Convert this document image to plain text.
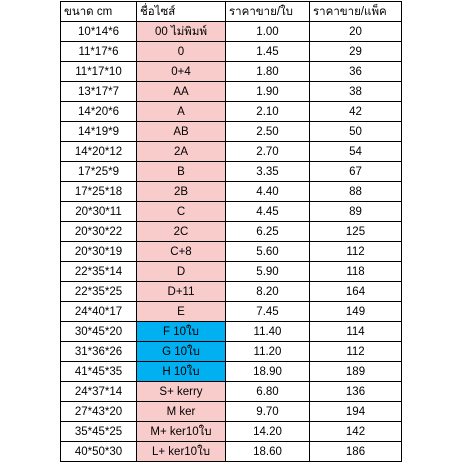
ขนาด cm	ชื่อไซส์	ราคาขาย/ใบ	ราคาขาย/แพ็ค
10*14*6	00 ไม่พิมพ์	1.00	20
11*17*6	0	1.45	29
11*17*10	0+4	1.80	36
13*17*7	AA	1.90	38
14*20*6	A	2.10	42
14*19*9	AB	2.50	50
14*20*12	2A	2.70	54
17*25*9	B	3.35	67
17*25*18	2B	4.40	88
20*30*11	C	4.45	89
20*30*22	2C	6.25	125
20*30*19	C+8	5.60	112
22*35*14	D	5.90	118
22*35*25	D+11	8.20	164
24*40*17	E	7.45	149
30*45*20	F 10ใบ	11.40	114
31*36*26	G 10ใบ	11.20	112
41*45*35	H 10ใบ	18.90	189
24*37*14	S+ kerry	6.80	136
27*43*20	M ker	9.70	194
35*45*25	M+ ker10ใบ	14.20	142
40*50*30	L+ ker10ใบ	18.60	186
